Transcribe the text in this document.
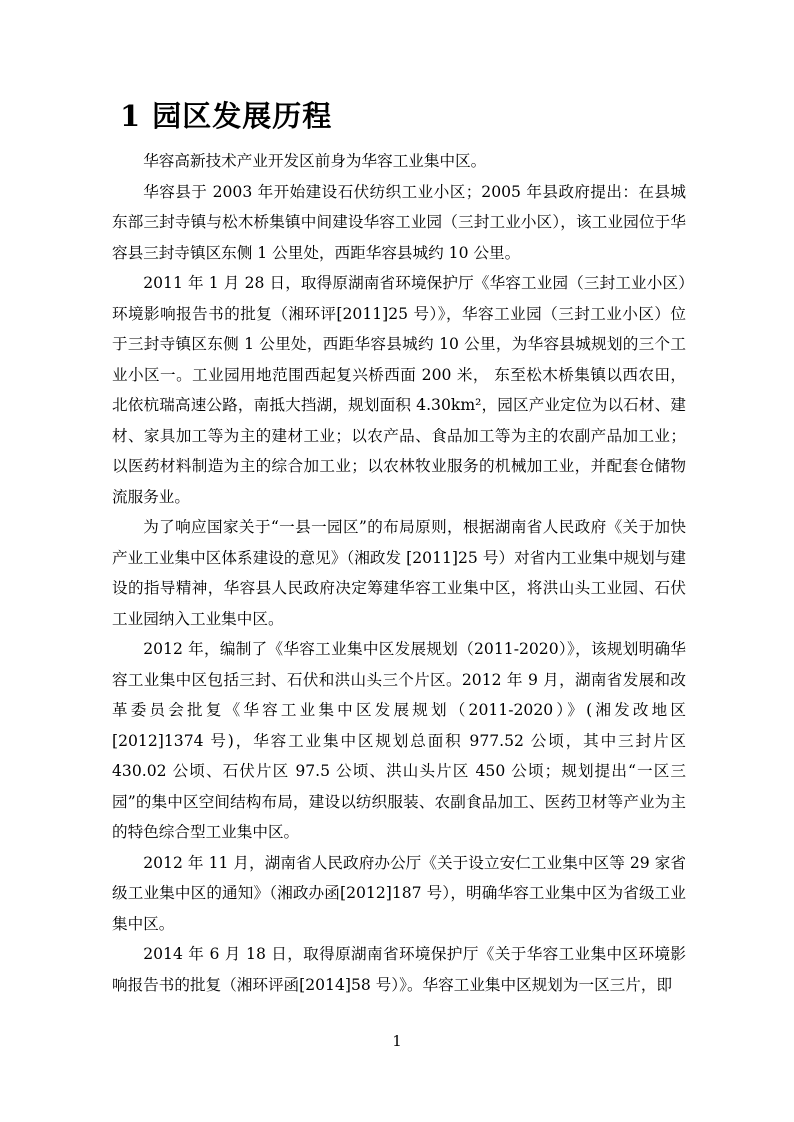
1 园区发展历程

华容高新技术产业开发区前身为华容工业集中区。

华容县于 2003 年开始建设石伏纺织工业小区；2005 年县政府提出：在县城东部三封寺镇与松木桥集镇中间建设华容工业园（三封工业小区），该工业园位于华容县三封寺镇区东侧 1 公里处，西距华容县城约 10 公里。

2011 年 1 月 28 日，取得原湖南省环境保护厅《华容工业园（三封工业小区）环境影响报告书的批复（湘环评[2011]25 号）》，华容工业园（三封工业小区）位于三封寺镇区东侧 1 公里处，西距华容县城约 10 公里，为华容县城规划的三个工业小区一。工业园用地范围西起复兴桥西面 200 米， 东至松木桥集镇以西农田，北依杭瑞高速公路，南抵大挡湖，规划面积 4.30km²，园区产业定位为以石材、建材、家具加工等为主的建材工业；以农产品、食品加工等为主的农副产品加工业；以医药材料制造为主的综合加工业；以农林牧业服务的机械加工业，并配套仓储物流服务业。

为了响应国家关于“一县一园区”的布局原则，根据湖南省人民政府《关于加快产业工业集中区体系建设的意见》（湘政发 [2011]25 号）对省内工业集中规划与建设的指导精神，华容县人民政府决定筹建华容工业集中区，将洪山头工业园、石伏工业园纳入工业集中区。

2012 年，编制了《华容工业集中区发展规划（2011-2020）》，该规划明确华容工业集中区包括三封、石伏和洪山头三个片区。2012 年 9 月，湖南省发展和改革委员会批复《华容工业集中区发展规划（2011-2020）》(湘发改地区[2012]1374 号)，华容工业集中区规划总面积 977.52 公顷，其中三封片区 430.02 公顷、石伏片区 97.5 公顷、洪山头片区 450 公顷；规划提出“一区三园”的集中区空间结构布局，建设以纺织服装、农副食品加工、医药卫材等产业为主的特色综合型工业集中区。

2012 年 11 月，湖南省人民政府办公厅《关于设立安仁工业集中区等 29 家省级工业集中区的通知》（湘政办函[2012]187 号），明确华容工业集中区为省级工业集中区。

2014 年 6 月 18 日，取得原湖南省环境保护厅《关于华容工业集中区环境影响报告书的批复（湘环评函[2014]58 号）》。华容工业集中区规划为一区三片，即

1
